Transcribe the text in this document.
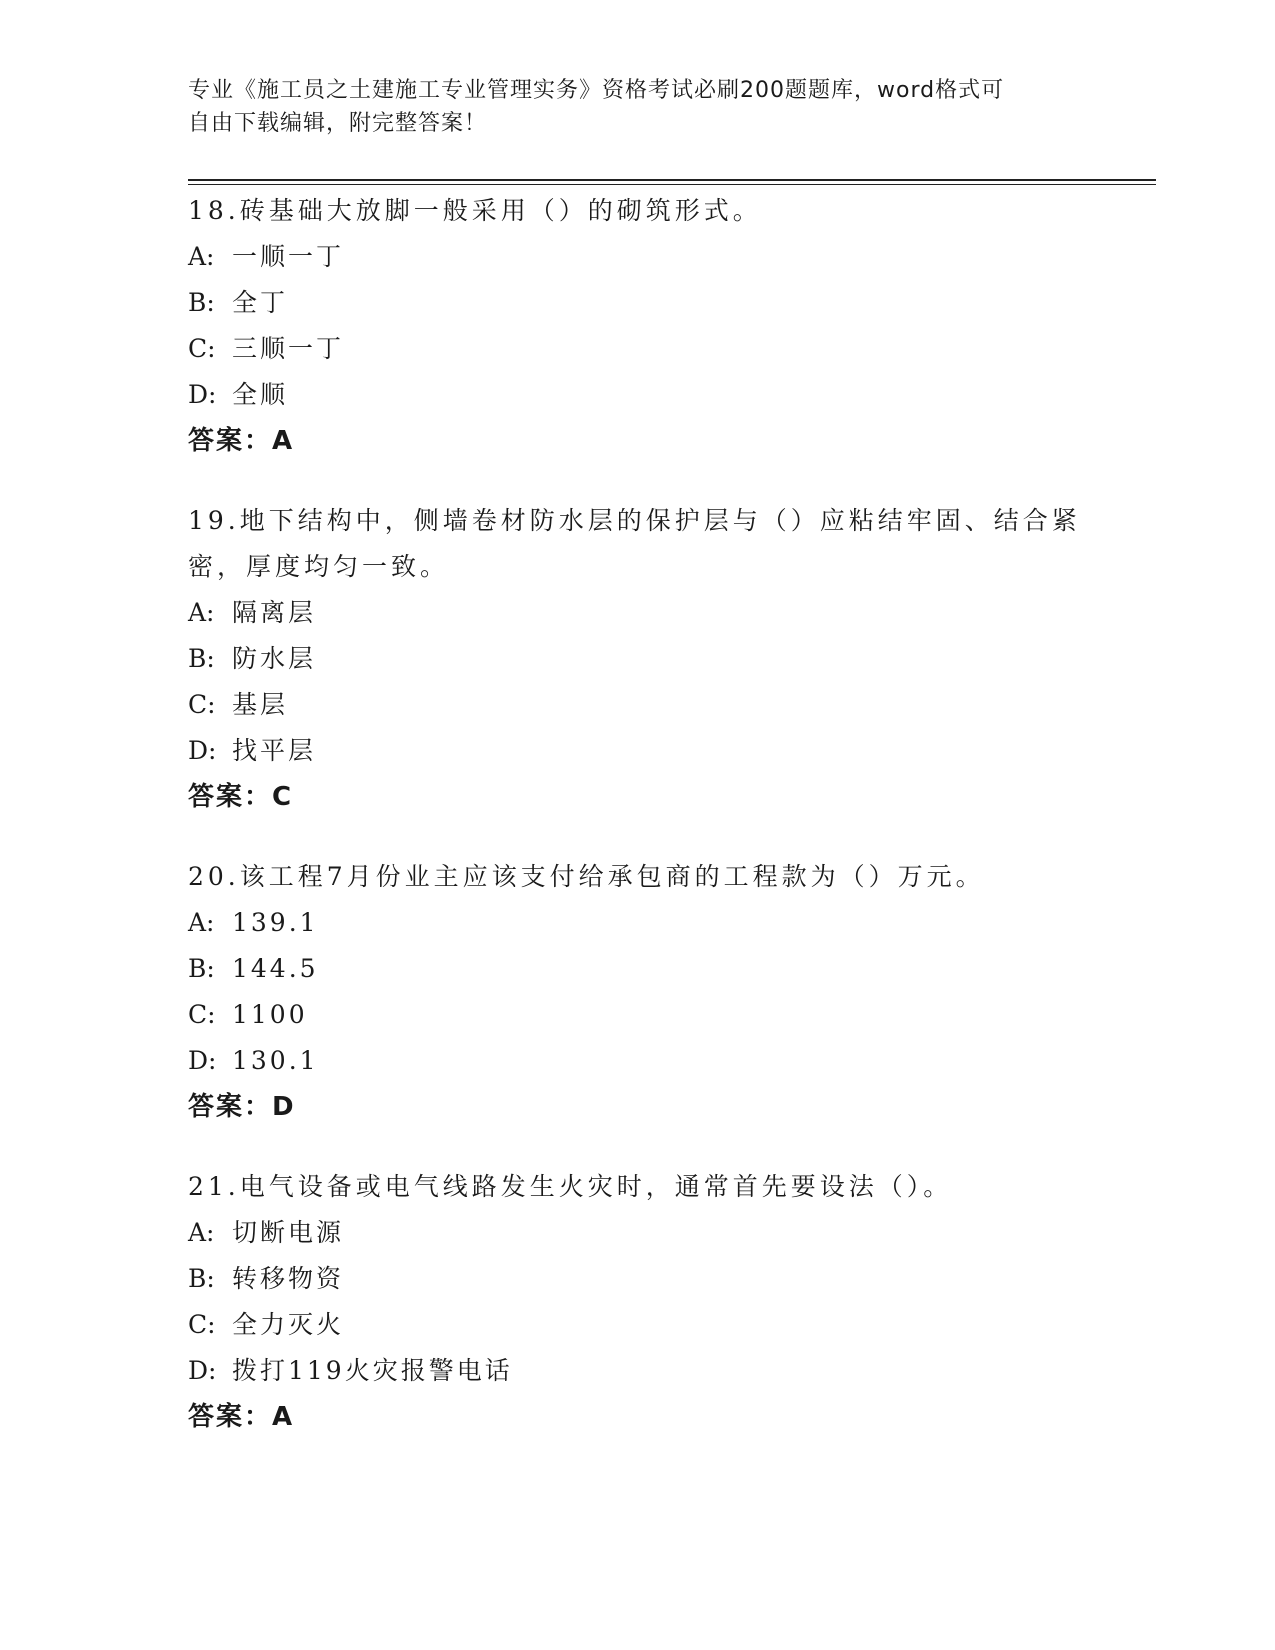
专业《施工员之土建施工专业管理实务》资格考试必刷200题题库，word格式可
自由下载编辑，附完整答案！

18.砖基础大放脚一般采用（）的砌筑形式。

A: 一顺一丁

B: 全丁

C: 三顺一丁

D: 全顺

答案：A

19.地下结构中，侧墙卷材防水层的保护层与（）应粘结牢固、结合紧

密，厚度均匀一致。

A: 隔离层

B: 防水层

C: 基层

D: 找平层

答案：C

20.该工程7月份业主应该支付给承包商的工程款为（）万元。

A: 139.1

B: 144.5

C: 1100

D: 130.1

答案：D

21.电气设备或电气线路发生火灾时，通常首先要设法（）。

A: 切断电源

B: 转移物资

C: 全力灭火

D: 拨打119火灾报警电话

答案：A
